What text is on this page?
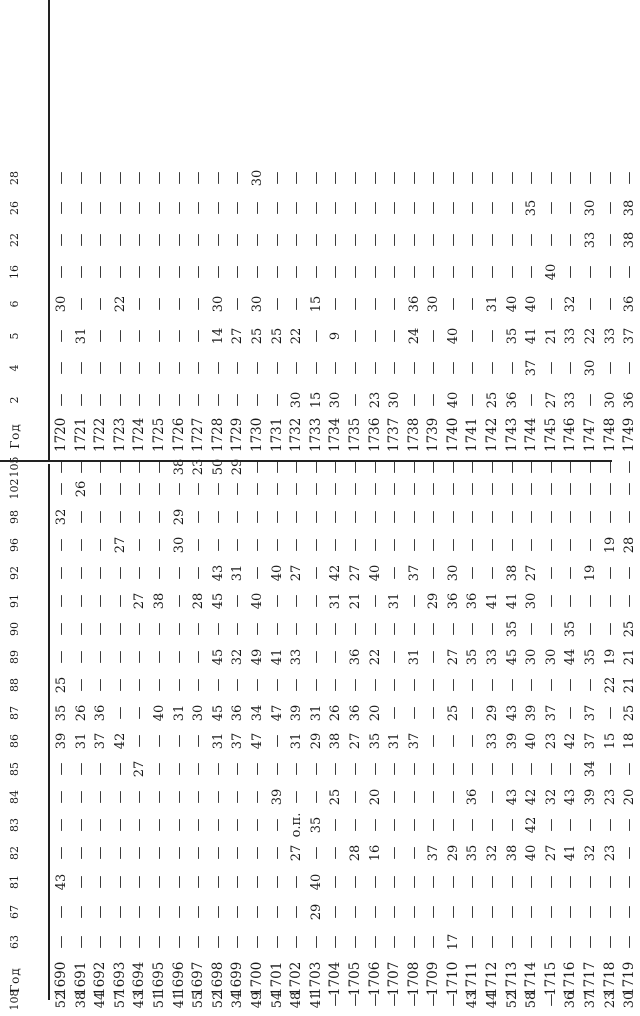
Год
63
67
81
82
83
84
85
86
87
88
89
90
91
92
96
98
102
105
108
1690 1691 1692 1693 1694 1695 1696 1697 1698 1699 1700 1701 1702 1703 1704 1705 1706 1707 1708 1709 1710 1711 1712 1713 1714 1715 1716 1717 1718 1719
— — — — — — — — — — — — — — — — — — — — 17 — — — — — — — — —
— — — — — — — — — — — — — 29 — — — — — — — — — — — — — — — —
43 — — — — — — — — — — — — 40 — — — — — — — — — — — — — — — —
— — — — — — — — — — — — 27 — — 28 16 — — 37 29 35 32 38 40 27 41 32 23 —
— — — — — — — — — — — — о.п. 35 — — — — — — — — — — 42 — — — — —
— — — — — — — — — — — 39 — — 25 — 20 — — — — 36 — 43 42 32 43 39 23 20
— — — — 27 — — — — — — — — — — — — — — — — — — — — — — 34 — —
39 31 37 42 — — — — 31 37 47 — 31 29 38 27 35 31 37 — — — 33 39 40 23 42 37 15 18
35 26 36 — — 40 31 30 45 36 34 47 39 31 26 36 20 — — — 25 — 29 43 39 37 — 37 — 25
25 — — — — — — — — — — — — — — — — — — — — — — — — — — — 22 21
— — — — — — — — 45 32 49 41 33 — — 36 22 — 31 — 27 35 33 45 30 30 44 35 19 21
— — — — — — — — — — — — — — — — — — — — — — — 35 — — 35 — — 25
— — — — 27 38 — 28 45 — 40 — — — 31 21 — 31 — 29 36 36 41 41 30 — — — — —
— — — — — — — — 43 31 — 40 27 — 42 27 40 — 37 — 30 — — 38 27 — — 19 — —
— — — 27 — — 30 — — — — — — — — — — — — — — — — — — — — — 19 28
32 — — — — — 29 — — — — — — — — — — — — — — — — — — — — — — —
— 26 — — — — — — — — — — — — — — — — — — — — — — — — — — — —
— — — — — — 38 23 50 29 — — — — — — — — — — — — — — — — — — — —
52 38 44 57 43 51 41 55 52 34 49 54 48 41 — — — — — — — 43 44 52 58 — 36 37 23 30
Год
2
4
5
6
16
22
26
28
1720 1721 1722 1723 1724 1725 1726 1727 1728 1729 1730 1731 1732 1733 1734 1735 1736 1737 1738 1739 1740 1741 1742 1743 1744 1745 1746 1747 1748 1749
— — — — — — — — — — — — 30 15 30 — 23 30 — — 40 — 25 36 — 27 33 — 30 36
— — — — — — — — — — — — — — — — — — — — — — — — 37 — — 30 — —
— 31 — — — — — — 14 27 25 25 22 — 9 — — — 24 — 40 — — 35 41 21 33 22 33 37
30 — — 22 — — — — 30 — 30 — — 15 — — — — 36 30 — — 31 40 40 — 32 — — 36
— — — — — — — — — — — — — — — — — — — — — — — — — 40 — — — —
— — — — — — — — — — — — — — — — — — — — — — — — — — — 33 — 38
— — — — — — — — — — — — — — — — — — — — — — — — 35 — — 30 — 38
— — — — — — — — — — 30 — — — — — — — — — — — — — — — — — — —
